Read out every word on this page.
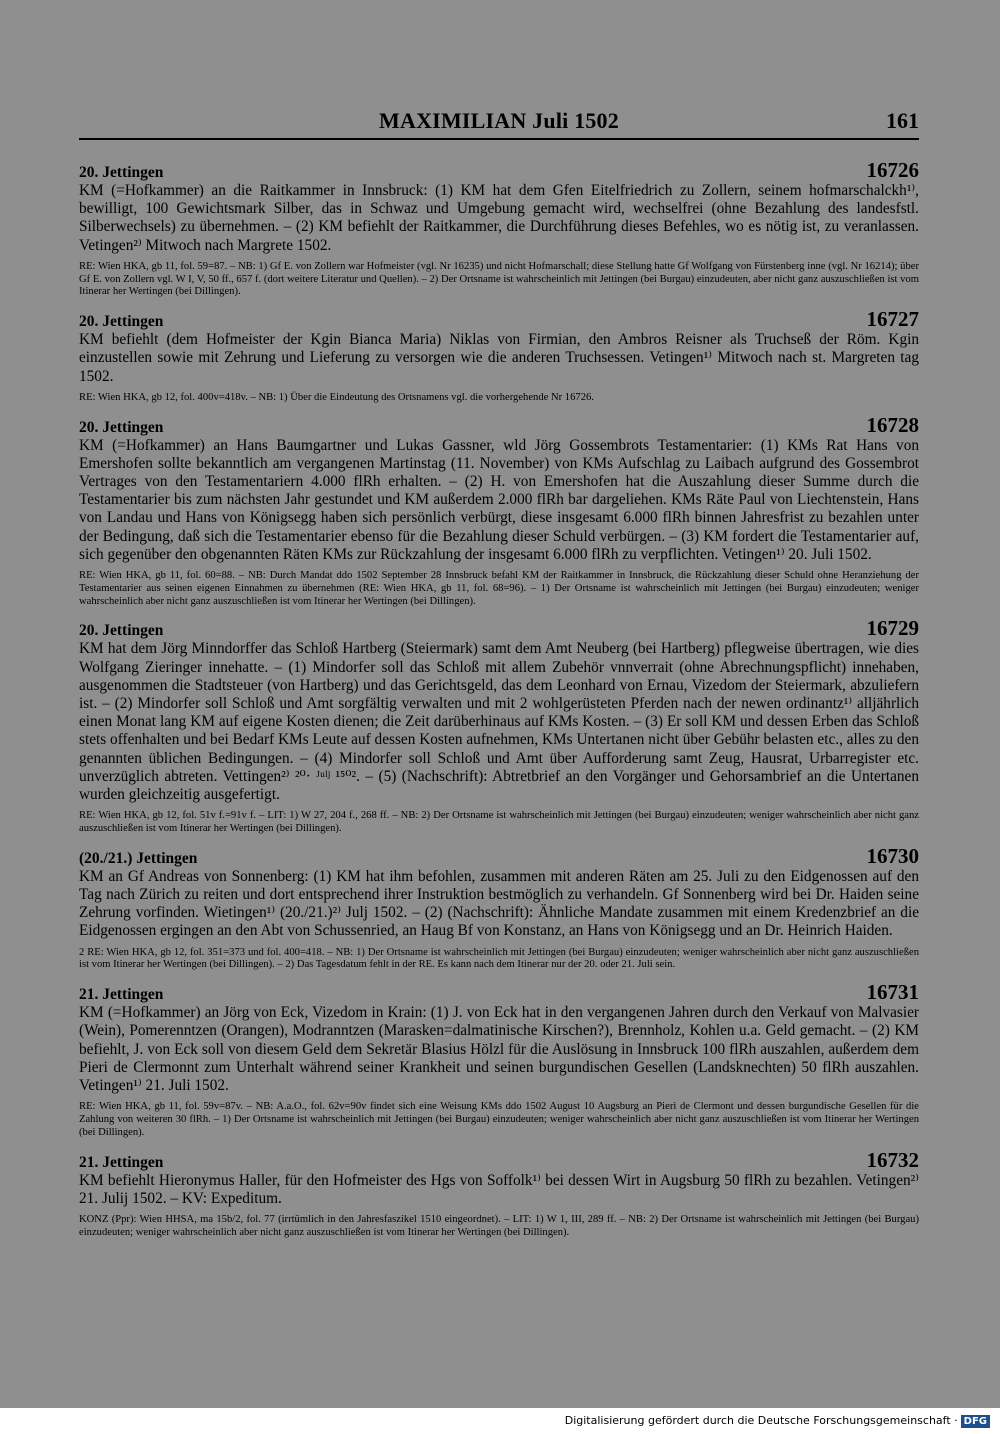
MAXIMILIAN Juli 1502	161
20. Jettingen	16726
KM (=Hofkammer) an die Raitkammer in Innsbruck: (1) KM hat dem Gfen Eitelfriedrich zu Zollern, seinem hofmarschalckh¹⁾, bewilligt, 100 Gewichtsmark Silber, das in Schwaz und Umgebung gemacht wird, wechselfrei (ohne Bezahlung des landesfstl. Silberwechsels) zu übernehmen. – (2) KM befiehlt der Raitkammer, die Durchführung dieses Befehles, wo es nötig ist, zu veranlassen. Vetingen²⁾ Mitwoch nach Margrete 1502.
RE: Wien HKA, gb 11, fol. 59=87. – NB: 1) Gf E. von Zollern war Hofmeister (vgl. Nr 16235) und nicht Hofmarschall; diese Stellung hatte Gf Wolfgang von Fürstenberg inne (vgl. Nr 16214); über Gf E. von Zollern vgl. W I, V, 50 ff., 657 f. (dort weitere Literatur und Quellen). – 2) Der Ortsname ist wahrscheinlich mit Jettingen (bei Burgau) einzudeuten, aber nicht ganz auszuschließen ist vom Itinerar her Wertingen (bei Dillingen).
20. Jettingen	16727
KM befiehlt (dem Hofmeister der Kgin Bianca Maria) Niklas von Firmian, den Ambros Reisner als Truchseß der Röm. Kgin einzustellen sowie mit Zehrung und Lieferung zu versorgen wie die anderen Truchsessen. Vetingen¹⁾ Mitwoch nach st. Margreten tag 1502.
RE: Wien HKA, gb 12, fol. 400v=418v. – NB: 1) Über die Eindeutung des Ortsnamens vgl. die vorhergehende Nr 16726.
20. Jettingen	16728
KM (=Hofkammer) an Hans Baumgartner und Lukas Gassner, wld Jörg Gossembrots Testamentarier: (1) KMs Rat Hans von Emershofen sollte bekanntlich am vergangenen Martinstag (11. November) von KMs Aufschlag zu Laibach aufgrund des Gossembrot Vertrages von den Testamentariern 4.000 flRh erhalten. – (2) H. von Emershofen hat die Auszahlung dieser Summe durch die Testamentarier bis zum nächsten Jahr gestundet und KM außerdem 2.000 flRh bar dargeliehen. KMs Räte Paul von Liechtenstein, Hans von Landau und Hans von Königsegg haben sich persönlich verbürgt, diese insgesamt 6.000 flRh binnen Jahresfrist zu bezahlen unter der Bedingung, daß sich die Testamentarier ebenso für die Bezahlung dieser Schuld verbürgen. – (3) KM fordert die Testamentarier auf, sich gegenüber den obgenannten Räten KMs zur Rückzahlung der insgesamt 6.000 flRh zu verpflichten. Vetingen¹⁾ 20. Juli 1502.
RE: Wien HKA, gb 11, fol. 60=88. – NB: Durch Mandat ddo 1502 September 28 Innsbruck befahl KM der Raitkammer in Innsbruck, die Rückzahlung dieser Schuld ohne Heranziehung der Testamentarier aus seinen eigenen Einnahmen zu übernehmen (RE: Wien HKA, gb 11, fol. 68=96). – 1) Der Ortsname ist wahrscheinlich mit Jettingen (bei Burgau) einzudeuten; weniger wahrscheinlich aber nicht ganz auszuschließen ist vom Itinerar her Wertingen (bei Dillingen).
20. Jettingen	16729
KM hat dem Jörg Minndorffer das Schloß Hartberg (Steiermark) samt dem Amt Neuberg (bei Hartberg) pflegweise übertragen, wie dies Wolfgang Zieringer innehatte. – (1) Mindorfer soll das Schloß mit allem Zubehör vnnverrait (ohne Abrechnungspflicht) innehaben, ausgenommen die Stadtsteuer (von Hartberg) und das Gerichtsgeld, das dem Leonhard von Ernau, Vizedom der Steiermark, abzuliefern ist. – (2) Mindorfer soll Schloß und Amt sorgfältig verwalten und mit 2 wohlgerüsteten Pferden nach der newen ordinantz¹⁾ alljährlich einen Monat lang KM auf eigene Kosten dienen; die Zeit darüberhinaus auf KMs Kosten. – (3) Er soll KM und dessen Erben das Schloß stets offenhalten und bei Bedarf KMs Leute auf dessen Kosten aufnehmen, KMs Untertanen nicht über Gebühr belasten etc., alles zu den genannten üblichen Bedingungen. – (4) Mindorfer soll Schloß und Amt über Aufforderung samt Zeug, Hausrat, Urbarregister etc. unverzüglich abtreten. Vettingen²⁾ ²⁰· ᴶᵘˡʲ ¹⁵⁰². – (5) (Nachschrift): Abtretbrief an den Vorgänger und Gehorsambrief an die Untertanen wurden gleichzeitig ausgefertigt.
RE: Wien HKA, gb 12, fol. 51v f.=91v f. – LIT: 1) W 27, 204 f., 268 ff. – NB: 2) Der Ortsname ist wahrscheinlich mit Jettingen (bei Burgau) einzudeuten; weniger wahrscheinlich aber nicht ganz auszuschließen ist vom Itinerar her Wertingen (bei Dillingen).
(20./21.) Jettingen	16730
KM an Gf Andreas von Sonnenberg: (1) KM hat ihm befohlen, zusammen mit anderen Räten am 25. Juli zu den Eidgenossen auf den Tag nach Zürich zu reiten und dort entsprechend ihrer Instruktion bestmöglich zu verhandeln. Gf Sonnenberg wird bei Dr. Haiden seine Zehrung vorfinden. Wietingen¹⁾ (20./21.)²⁾ Julj 1502. – (2) (Nachschrift): Ähnliche Mandate zusammen mit einem Kredenzbrief an die Eidgenossen ergingen an den Abt von Schussenried, an Haug Bf von Konstanz, an Hans von Königsegg und an Dr. Heinrich Haiden.
2 RE: Wien HKA, gb 12, fol. 351=373 und fol. 400=418. – NB: 1) Der Ortsname ist wahrscheinlich mit Jettingen (bei Burgau) einzudeuten; weniger wahrscheinlich aber nicht ganz auszuschließen ist vom Itinerar her Wertingen (bei Dillingen). – 2) Das Tagesdatum fehlt in der RE. Es kann nach dem Itinerar nur der 20. oder 21. Juli sein.
21. Jettingen	16731
KM (=Hofkammer) an Jörg von Eck, Vizedom in Krain: (1) J. von Eck hat in den vergangenen Jahren durch den Verkauf von Malvasier (Wein), Pomerenntzen (Orangen), Modranntzen (Marasken=dalmatinische Kirschen?), Brennholz, Kohlen u.a. Geld gemacht. – (2) KM befiehlt, J. von Eck soll von diesem Geld dem Sekretär Blasius Hölzl für die Auslösung in Innsbruck 100 flRh auszahlen, außerdem dem Pieri de Clermonnt zum Unterhalt während seiner Krankheit und seinen burgundischen Gesellen (Landsknechten) 50 flRh auszahlen. Vetingen¹⁾ 21. Juli 1502.
RE: Wien HKA, gb 11, fol. 59v=87v. – NB: A.a.O., fol. 62v=90v findet sich eine Weisung KMs ddo 1502 August 10 Augsburg an Pieri de Clermont und dessen burgundische Gesellen für die Zahlung von weiteren 30 flRh. – 1) Der Ortsname ist wahrscheinlich mit Jettingen (bei Burgau) einzudeuten; weniger wahrscheinlich aber nicht ganz auszuschließen ist vom Itinerar her Wertingen (bei Dillingen).
21. Jettingen	16732
KM befiehlt Hieronymus Haller, für den Hofmeister des Hgs von Soffolk¹⁾ bei dessen Wirt in Augsburg 50 flRh zu bezahlen. Vetingen²⁾ 21. Julij 1502. – KV: Expeditum.
KONZ (Ppr): Wien HHSA, ma 15b/2, fol. 77 (irrtümlich in den Jahresfaszikel 1510 eingeordnet). – LIT: 1) W 1, III, 289 ff. – NB: 2) Der Ortsname ist wahrscheinlich mit Jettingen (bei Burgau) einzudeuten; weniger wahrscheinlich aber nicht ganz auszuschließen ist vom Itinerar her Wertingen (bei Dillingen).
Digitalisierung gefördert durch die Deutsche Forschungsgemeinschaft · DFG
